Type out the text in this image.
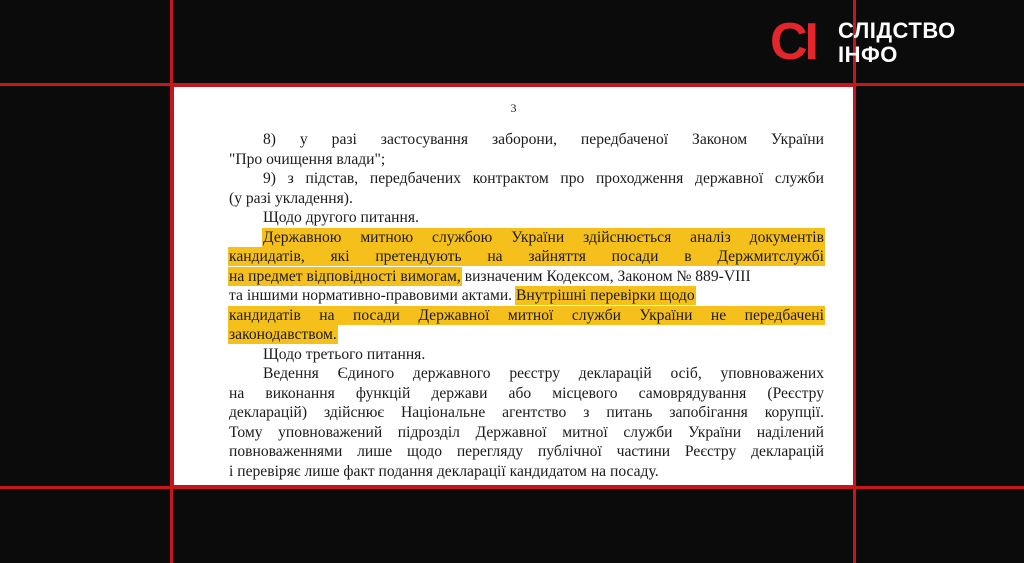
СІ СЛІДСТВО
ІНФО
3
8) у разі застосування заборони, передбаченої Законом України
"Про очищення влади";
9) з підстав, передбачених контрактом про проходження державної служби
(у разі укладення).
Щодо другого питання.
Державною митною службою України здійснюється аналіз документів
кандидатів, які претендують на зайняття посади в Держмитслужбі
на предмет відповідності вимогам, визначеним Кодексом, Законом № 889-VIII
та іншими нормативно-правовими актами. Внутрішні перевірки щодо
кандидатів на посади Державної митної служби України не передбачені
законодавством.
Щодо третього питання.
Ведення Єдиного державного реєстру декларацій осіб, уповноважених
на виконання функцій держави або місцевого самоврядування (Реєстру
декларацій) здійснює Національне агентство з питань запобігання корупції.
Тому уповноважений підрозділ Державної митної служби України наділений
повноваженнями лише щодо перегляду публічної частини Реєстру декларацій
і перевіряє лише факт подання декларації кандидатом на посаду.
